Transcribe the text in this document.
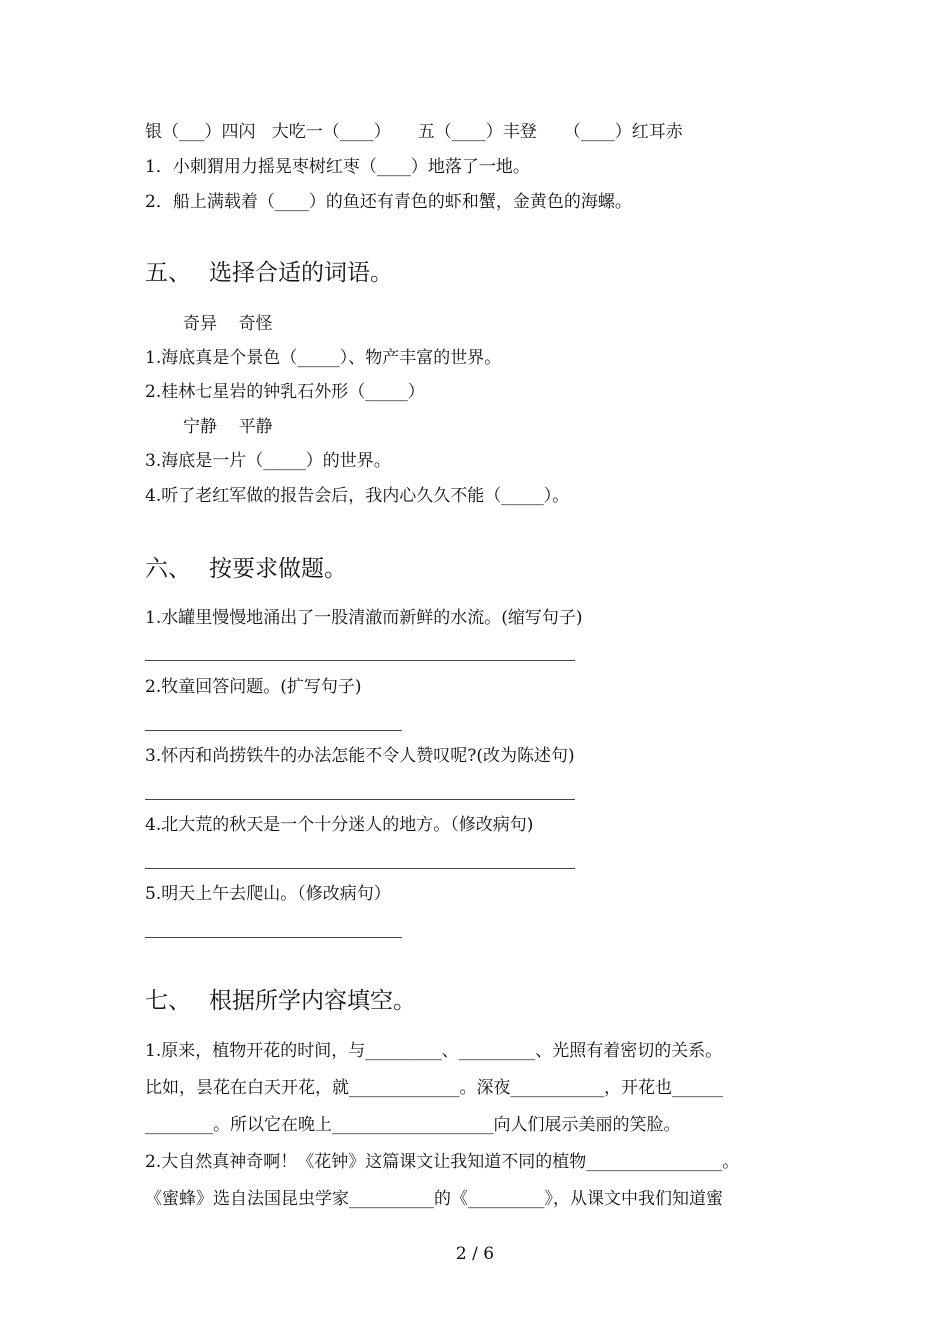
银（___）四闪   大吃一（____）     五（____）丰登     （____）红耳赤
1．小刺猬用力摇晃枣树红枣（____）地落了一地。
2．船上满载着（____）的鱼还有青色的虾和蟹，金黄色的海螺。
五、 选择合适的词语。
奇异    奇怪
1.海底真是个景色（_____）、物产丰富的世界。
2.桂林七星岩的钟乳石外形（_____）
宁静    平静
3.海底是一片（_____）的世界。
4.听了老红军做的报告会后，我内心久久不能（_____）。
六、 按要求做题。
1.水罐里慢慢地涌出了一股清澈而新鲜的水流。(缩写句子)
2.牧童回答问题。(扩写句子)
3.怀丙和尚捞铁牛的办法怎能不令人赞叹呢?(改为陈述句)
4.北大荒的秋天是一个十分迷人的地方。（修改病句)
5.明天上午去爬山。（修改病句）
七、 根据所学内容填空。
1.原来，植物开花的时间，与_________、_________、光照有着密切的关系。
比如，昙花在白天开花，就_____________。深夜___________，开花也______
________。所以它在晚上___________________向人们展示美丽的笑脸。
2.大自然真神奇啊！《花钟》这篇课文让我知道不同的植物________________。
《蜜蜂》选自法国昆虫学家__________的《_________》，从课文中我们知道蜜
2 / 6
